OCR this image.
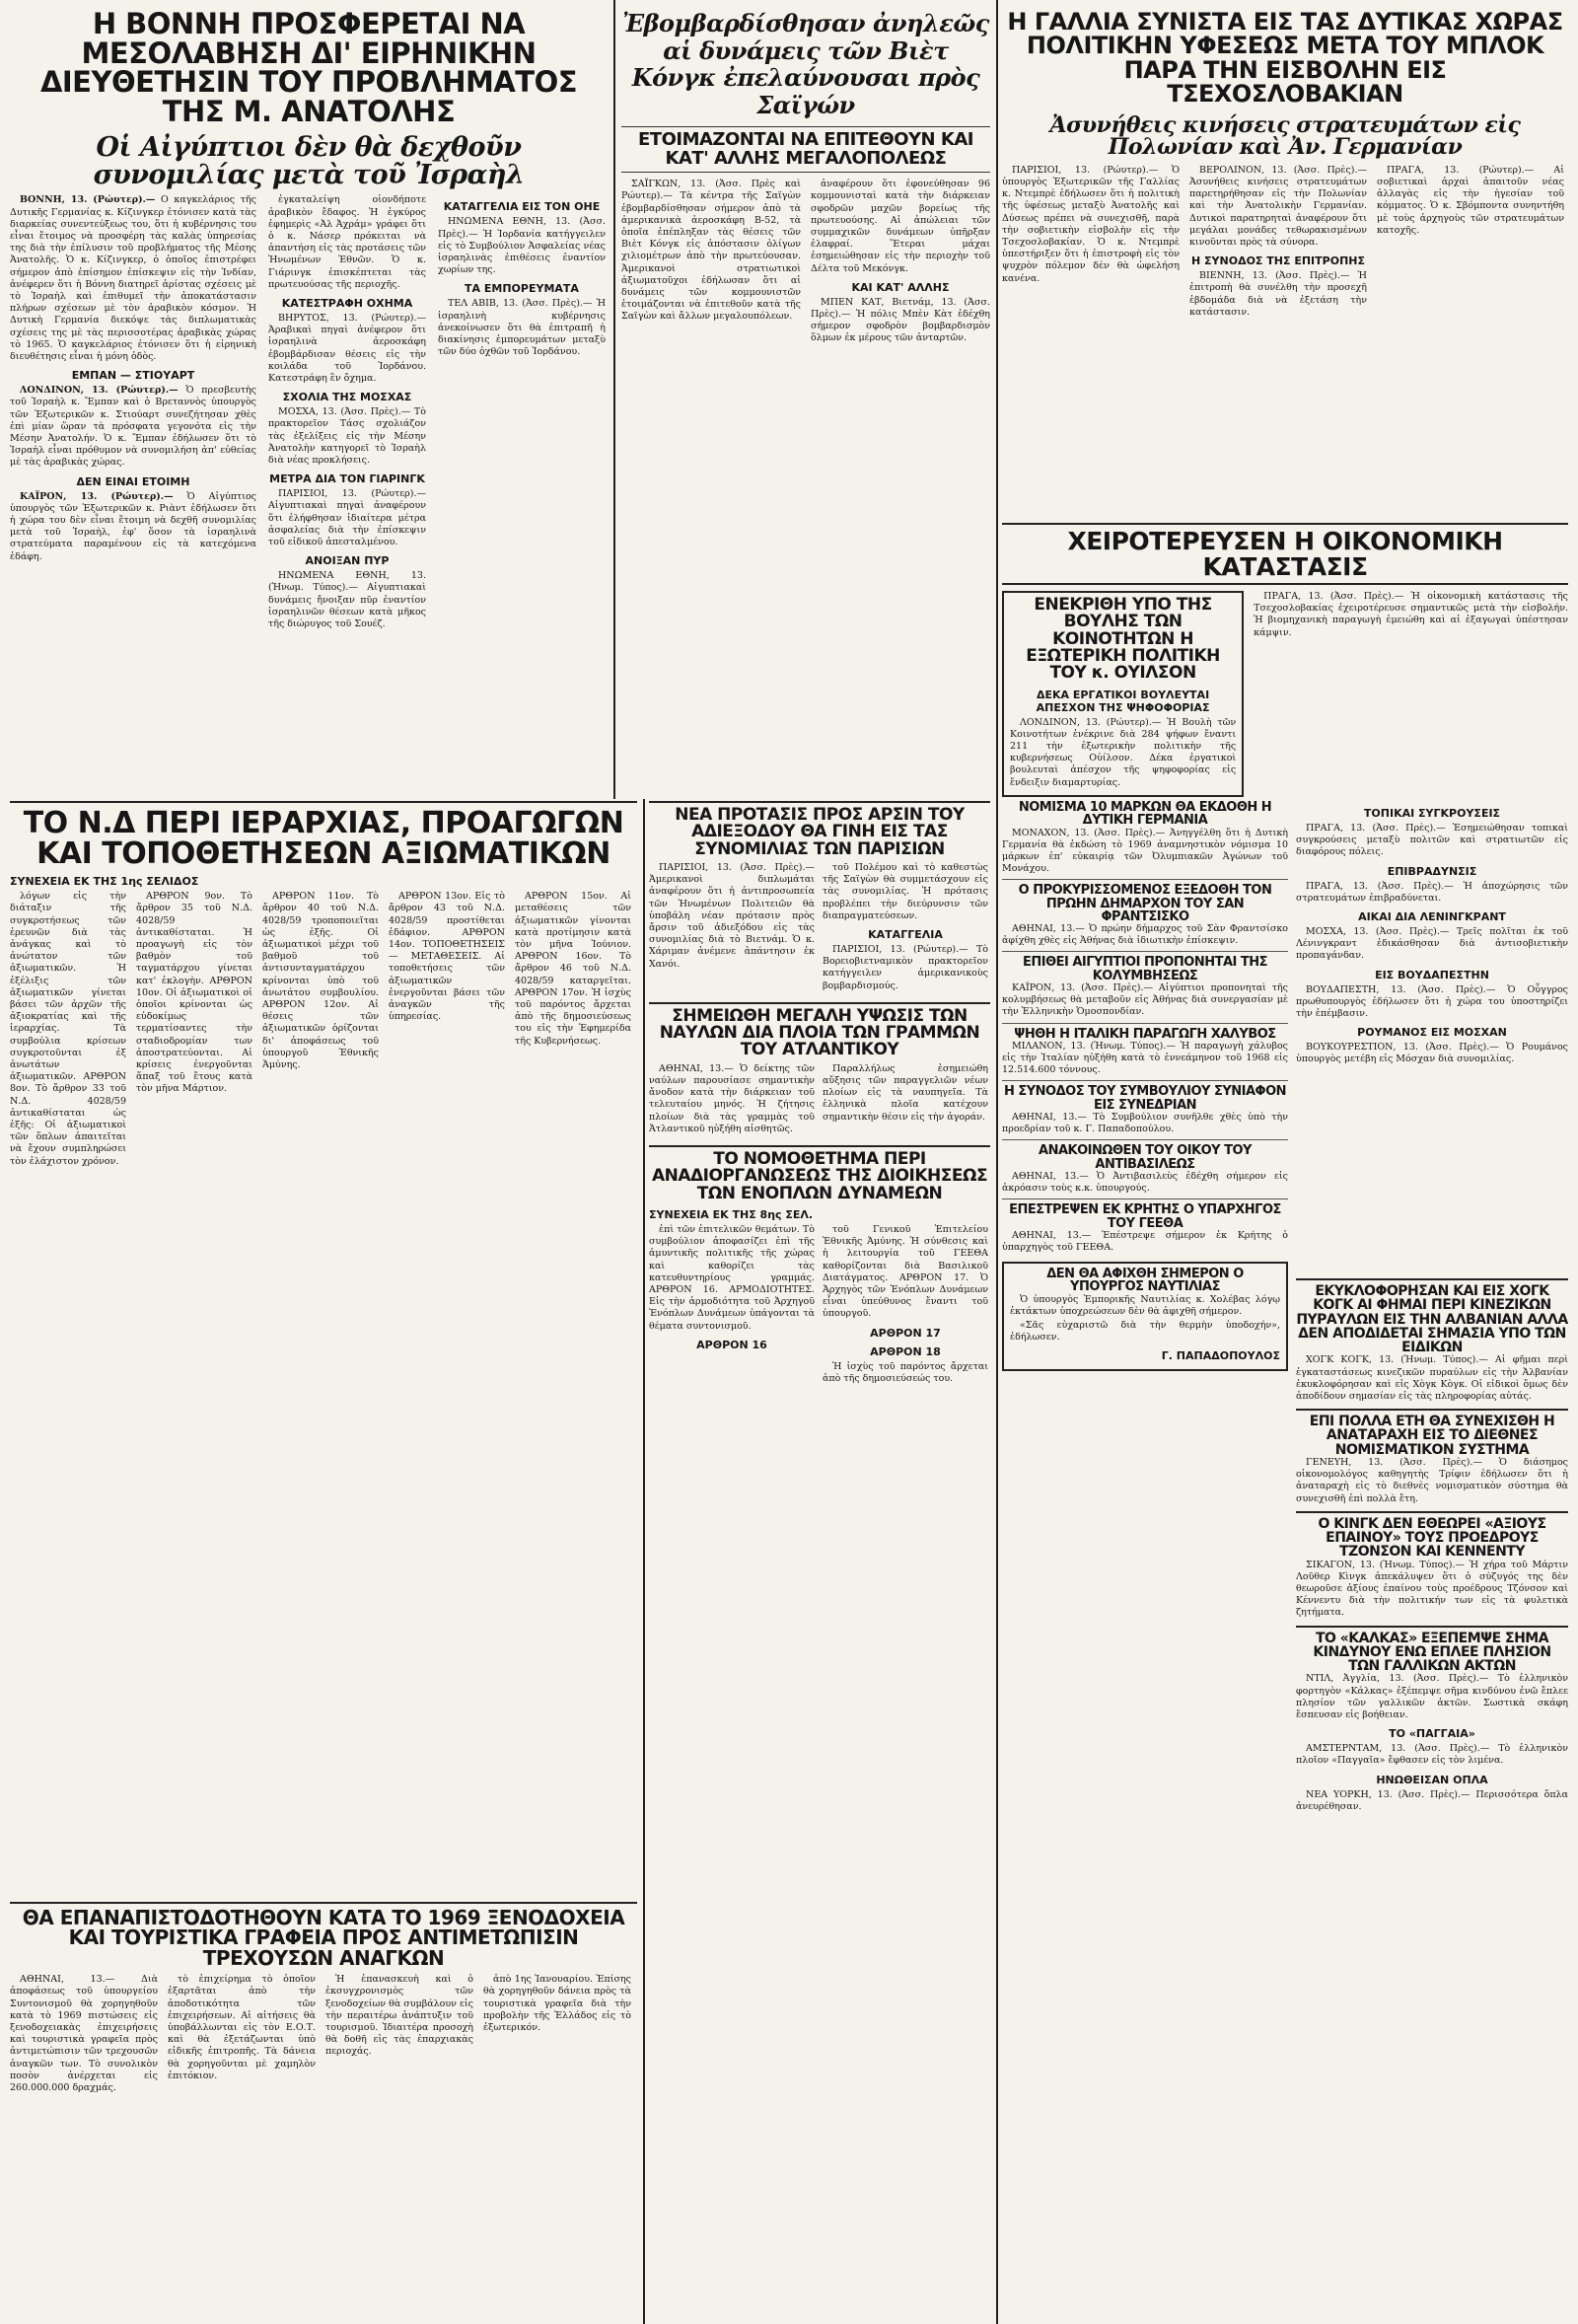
Η ΒΟΝΝΗ ΠΡΟΣΦΕΡΕΤΑΙ ΝΑ ΜΕΣΟΛΑΒΗΣΗ ΔΙ' ΕΙΡΗΝΙΚΗΝ ΔΙΕΥΘΕΤΗΣΙΝ ΤΟΥ ΠΡΟΒΛΗΜΑΤΟΣ ΤΗΣ Μ. ΑΝΑΤΟΛΗΣ
Οἱ Αἰγύπτιοι δὲν θὰ δεχθοῦν συνομιλίας μετὰ τοῦ Ἰσραὴλ

ΒΟΝΝΗ, 13. (Ρώυτερ).— Ο καγκελάριος τῆς Δυτικῆς Γερμανίας κ. Κίζινγκερ ἐτόνισεν κατὰ τὰς διαρκείας συνεντεύξεως του, ὅτι ἡ κυβέρνησις του εἶναι ἕτοιμος νὰ προσφέρη τὰς καλὰς ὑπηρεσίας της διὰ τὴν ἐπίλυσιν τοῦ προβλήματος τῆς Μέσης Ἀνατολῆς. Ὁ κ. Κίζινγκερ, ὁ ὁποῖος ἐπιστρέφει σήμερον ἀπὸ ἐπίσημον ἐπίσκεψιν εἰς τὴν Ἰνδίαν, ἀνέφερεν ὅτι ἡ Βόννη διατηρεῖ ἀρίστας σχέσεις μὲ τὸ Ἰσραὴλ καὶ ἐπιθυμεῖ τὴν ἀποκατάστασιν πλήρων σχέσεων μὲ τὸν ἀραβικὸν κόσμον. Ἡ Δυτικὴ Γερμανία διεκόψε τὰς διπλωματικὰς σχέσεις της μὲ τὰς περισσοτέρας ἀραβικὰς χώρας τὸ 1965. Ὁ καγκελάριος ἐτόνισεν ὅτι ἡ εἰρηνικὴ διευθέτησις εἶναι ἡ μόνη ὁδὸς.

ΕΜΠΑΝ — ΣΤΙΟΥΑΡΤ

ΛΟΝΔΙΝΟΝ, 13. (Ρώυτερ).— Ὁ πρεσβευτὴς τοῦ Ἰσραὴλ κ. Ἔμπαν καὶ ὁ Βρεταννὸς ὑπουργὸς τῶν Ἐξωτερικῶν κ. Στιούαρτ συνεζήτησαν χθὲς ἐπὶ μίαν ὥραν τὰ πρόσφατα γεγονότα εἰς τὴν Μέσην Ἀνατολήν. Ὁ κ. Ἔμπαν ἐδήλωσεν ὅτι τὸ Ἰσραὴλ εἶναι πρόθυμον νὰ συνομιλήση ἀπ' εὐθείας μὲ τὰς ἀραβικὰς χώρας.

ΔΕΝ ΕΙΝΑΙ ΕΤΟΙΜΗ

ΚΑΪΡΟΝ, 13. (Ρώυτερ).— Ὁ Αἰγύπτιος ὑπουργὸς τῶν Ἐξωτερικῶν κ. Ριὰντ ἐδήλωσεν ὅτι ἡ χώρα του δὲν εἶναι ἕτοιμη νὰ δεχθῆ συνομιλίας μετὰ τοῦ Ἰσραὴλ, ἐφ' ὅσον τὰ ἰσραηλινὰ στρατεύματα παραμένουν εἰς τὰ κατεχόμενα ἐδάφη.

ἐγκαταλείψη οἰονδήποτε ἀραβικὸν ἔδαφος. Ἡ ἐγκύρος ἐφημερὶς «Ἀλ Ἀχράμ» γράφει ὅτι ὁ κ. Νάσερ πρόκειται νὰ ἀπαντήση εἰς τὰς προτάσεις τῶν Ἡνωμένων Ἐθνῶν. Ὁ κ. Γιάρινγκ ἐπισκέπτεται τὰς πρωτευούσας τῆς περιοχῆς.

ΚΑΤΕΣΤΡΑΦΗ ΟΧΗΜΑ

ΒΗΡΥΤΟΣ, 13. (Ρώυτερ).— Ἀραβικαὶ πηγαὶ ἀνέφερον ὅτι ἰσραηλινὰ ἀεροσκάφη ἐβομβάρδισαν θέσεις εἰς τὴν κοιλάδα τοῦ Ἰορδάνου. Κατεστράφη ἓν ὄχημα.

ΣΧΟΛΙΑ ΤΗΣ ΜΟΣΧΑΣ

ΜΟΣΧΑ, 13. (Ἀσσ. Πρὲς).— Τὸ πρακτορεῖον Τάσς σχολιάζον τὰς ἐξελίξεις εἰς τὴν Μέσην Ἀνατολὴν κατηγορεῖ τὸ Ἰσραὴλ διὰ νέας προκλήσεις.

ΜΕΤΡΑ ΔΙΑ ΤΟΝ ΓΙΑΡΙΝΓΚ

ΠΑΡΙΣΙΟΙ, 13. (Ρώυτερ).— Αἰγυπτιακαὶ πηγαὶ ἀναφέρουν ὅτι ἐλήφθησαν ἰδιαίτερα μέτρα ἀσφαλείας διὰ τὴν ἐπίσκεψιν τοῦ εἰδικοῦ ἀπεσταλμένου.

ΑΝΟΙΞΑΝ ΠΥΡ

ΗΝΩΜΕΝΑ ΕΘΝΗ, 13. (Ἡνωμ. Τύπος).— Αἰγυπτιακαὶ δυνάμεις ἤνοιξαν πῦρ ἐναντίον ἰσραηλινῶν θέσεων κατὰ μῆκος τῆς διώρυγος τοῦ Σουέζ.

ΚΑΤΑΓΓΕΛΙΑ ΕΙΣ ΤΟΝ ΟΗΕ

ΗΝΩΜΕΝΑ ΕΘΝΗ, 13. (Ἀσσ. Πρὲς).— Ἡ Ἰορδανία κατήγγειλεν εἰς τὸ Συμβούλιον Ἀσφαλείας νέας ἰσραηλινὰς ἐπιθέσεις ἐναντίον χωρίων της.

ΤΑ ΕΜΠΟΡΕΥΜΑΤΑ

ΤΕΛ ΑΒΙΒ, 13. (Ἀσσ. Πρὲς).— Ἡ ἰσραηλινὴ κυβέρνησις ἀνεκοίνωσεν ὅτι θὰ ἐπιτραπῆ ἡ διακίνησις ἐμπορευμάτων μεταξὺ τῶν δύο ὀχθῶν τοῦ Ἰορδάνου.

Ἐβομβαρδίσθησαν ἀνηλεῶς αἱ δυνάμεις τῶν Βιὲτ Κόνγκ ἐπελαύνουσαι πρὸς Σαϊγών
ΕΤΟΙΜΑΖΟΝΤΑΙ ΝΑ ΕΠΙΤΕΘΟΥΝ ΚΑΙ ΚΑΤ' ΑΛΛΗΣ ΜΕΓΑΛΟΠΟΛΕΩΣ

ΣΑΪΓΚΩΝ, 13. (Ἀσσ. Πρὲς καὶ Ρώυτερ).— Τὰ κέντρα τῆς Σαϊγὼν ἐβομβαρδίσθησαν σήμερον ἀπὸ τὰ ἀμερικανικὰ ἀεροσκάφη Β-52, τὰ ὁποῖα ἐπέπληξαν τὰς θέσεις τῶν Βιὲτ Κόνγκ εἰς ἀπόστασιν ὀλίγων χιλιομέτρων ἀπὸ τὴν πρωτεύουσαν. Ἀμερικανοὶ στρατιωτικοὶ ἀξιωματοῦχοι ἐδήλωσαν ὅτι αἱ δυνάμεις τῶν κομμουνιστῶν ἑτοιμάζονται νὰ ἐπιτεθοῦν κατὰ τῆς Σαϊγὼν καὶ ἄλλων μεγαλουπόλεων.

ἀναφέρουν ὅτι ἐφονεύθησαν 96 κομμουνισταὶ κατὰ τὴν διάρκειαν σφοδρῶν μαχῶν βορείως τῆς πρωτευούσης. Αἱ ἀπώλειαι τῶν συμμαχικῶν δυνάμεων ὑπῆρξαν ἐλαφραί. Ἕτεραι μάχαι ἐσημειώθησαν εἰς τὴν περιοχὴν τοῦ Δέλτα τοῦ Μεκόνγκ.

ΚΑΙ ΚΑΤ' ΑΛΛΗΣ

ΜΠΕΝ ΚΑΤ, Βιετνάμ, 13. (Ἀσσ. Πρὲς).— Ἡ πόλις Μπὲν Κὰτ ἐδέχθη σήμερον σφοδρὸν βομβαρδισμὸν ὅλμων ἐκ μέρους τῶν ἀνταρτῶν.

Η ΓΑΛΛΙΑ ΣΥΝΙΣΤΑ ΕΙΣ ΤΑΣ ΔΥΤΙΚΑΣ ΧΩΡΑΣ ΠΟΛΙΤΙΚΗΝ ΥΦΕΣΕΩΣ ΜΕΤΑ ΤΟΥ ΜΠΛΟΚ ΠΑΡΑ ΤΗΝ ΕΙΣΒΟΛΗΝ ΕΙΣ ΤΣΕΧΟΣΛΟΒΑΚΙΑΝ
Ἀσυνήθεις κινήσεις στρατευμάτων εἰς Πολωνίαν καὶ Ἀν. Γερμανίαν

ΠΑΡΙΣΙΟΙ, 13. (Ρώυτερ).— Ὁ ὑπουργὸς Ἐξωτερικῶν τῆς Γαλλίας κ. Ντεμπρὲ ἐδήλωσεν ὅτι ἡ πολιτικὴ τῆς ὑφέσεως μεταξὺ Ἀνατολῆς καὶ Δύσεως πρέπει νὰ συνεχισθῆ, παρὰ τὴν σοβιετικὴν εἰσβολὴν εἰς τὴν Τσεχοσλοβακίαν. Ὁ κ. Ντεμπρὲ ὑπεστήριξεν ὅτι ἡ ἐπιστροφὴ εἰς τὸν ψυχρὸν πόλεμον δὲν θὰ ὠφελήση κανένα.

ΒΕΡΟΛΙΝΟΝ, 13. (Ἀσσ. Πρὲς).— Ἀσυνήθεις κινήσεις στρατευμάτων παρετηρήθησαν εἰς τὴν Πολωνίαν καὶ τὴν Ἀνατολικὴν Γερμανίαν. Δυτικοὶ παρατηρηταὶ ἀναφέρουν ὅτι μεγάλαι μονάδες τεθωρακισμένων κινοῦνται πρὸς τὰ σύνορα.

Η ΣΥΝΟΔΟΣ ΤΗΣ ΕΠΙΤΡΟΠΗΣ

ΒΙΕΝΝΗ, 13. (Ἀσσ. Πρὲς).— Ἡ ἐπιτροπὴ θὰ συνέλθη τὴν προσεχῆ ἑβδομάδα διὰ νὰ ἐξετάση τὴν κατάστασιν.

ΠΡΑΓΑ, 13. (Ρώυτερ).— Αἱ σοβιετικαὶ ἀρχαὶ ἀπαιτοῦν νέας ἀλλαγὰς εἰς τὴν ἡγεσίαν τοῦ κόμματος. Ὁ κ. Σβόμποντα συνηντήθη μὲ τοὺς ἀρχηγοὺς τῶν στρατευμάτων κατοχῆς.

ΧΕΙΡΟΤΕΡΕΥΣΕΝ Η ΟΙΚΟΝΟΜΙΚΗ ΚΑΤΑΣΤΑΣΙΣ
ΕΝΕΚΡΙΘΗ ΥΠΟ ΤΗΣ ΒΟΥΛΗΣ ΤΩΝ ΚΟΙΝΟΤΗΤΩΝ Η ΕΞΩΤΕΡΙΚΗ ΠΟΛΙΤΙΚΗ ΤΟΥ κ. ΟΥΙΛΣΟΝ
ΔΕΚΑ ΕΡΓΑΤΙΚΟΙ ΒΟΥΛΕΥΤΑΙ ΑΠΕΣΧΟΝ ΤΗΣ ΨΗΦΟΦΟΡΙΑΣ

ΛΟΝΔΙΝΟΝ, 13. (Ρώυτερ).— Ἡ Βουλὴ τῶν Κοινοτήτων ἐνέκρινε διὰ 284 ψήφων ἔναντι 211 τὴν ἐξωτερικὴν πολιτικὴν τῆς κυβερνήσεως Οὐίλσον. Δέκα ἐργατικοὶ βουλευταὶ ἀπέσχον τῆς ψηφοφορίας εἰς ἔνδειξιν διαμαρτυρίας.

ΠΡΑΓΑ, 13. (Ἀσσ. Πρὲς).— Ἡ οἰκονομικὴ κατάστασις τῆς Τσεχοσλοβακίας ἐχειροτέρευσε σημαντικῶς μετὰ τὴν εἰσβολήν. Ἡ βιομηχανικὴ παραγωγὴ ἐμειώθη καὶ αἱ ἐξαγωγαὶ ὑπέστησαν κάμψιν.

ΝΟΜΙΣΜΑ 10 ΜΑΡΚΩΝ ΘΑ ΕΚΔΟΘΗ Η ΔΥΤΙΚΗ ΓΕΡΜΑΝΙΑ

ΜΟΝΑΧΟΝ, 13. (Ἀσσ. Πρὲς).— Ἀνηγγέλθη ὅτι ἡ Δυτικὴ Γερμανία θὰ ἐκδώση τὸ 1969 ἀναμνηστικὸν νόμισμα 10 μάρκων ἐπ' εὐκαιρίᾳ τῶν Ὀλυμπιακῶν Ἀγώνων τοῦ Μονάχου.

Ο ΠΡΟΚΥΡΙΣΣΟΜΕΝΟΣ ΕΞΕΔΟΘΗ ΤΟΝ ΠΡΩΗΝ ΔΗΜΑΡΧΟΝ ΤΟΥ ΣΑΝ ΦΡΑΝΤΣΙΣΚΟ

ΑΘΗΝΑΙ, 13.— Ὁ πρώην δήμαρχος τοῦ Σὰν Φραντσίσκο ἀφίχθη χθὲς εἰς Ἀθήνας διὰ ἰδιωτικὴν ἐπίσκεψιν.

ΕΠΙΘΕΙ ΑΙΓΥΠΤΙΟΙ ΠΡΟΠΟΝΗΤΑΙ ΤΗΣ ΚΟΛΥΜΒΗΣΕΩΣ

ΚΑΪΡΟΝ, 13. (Ἀσσ. Πρὲς).— Αἰγύπτιοι προπονηταὶ τῆς κολυμβήσεως θὰ μεταβοῦν εἰς Ἀθήνας διὰ συνεργασίαν μὲ τὴν Ἑλληνικὴν Ὁμοσπονδίαν.

ΨΗΘΗ Η ΙΤΑΛΙΚΗ ΠΑΡΑΓΩΓΗ ΧΑΛΥΒΟΣ

ΜΙΛΑΝΟΝ, 13. (Ἡνωμ. Τύπος).— Ἡ παραγωγὴ χάλυβος εἰς τὴν Ἰταλίαν ηὐξήθη κατὰ τὸ ἑννεάμηνον τοῦ 1968 εἰς 12.514.600 τόννους.

Η ΣΥΝΟΔΟΣ ΤΟΥ ΣΥΜΒΟΥΛΙΟΥ ΣΥΝΙΑΦΟΝ ΕΙΣ ΣΥΝΕΔΡΙΑΝ

ΑΘΗΝΑΙ, 13.— Τὸ Συμβούλιον συνῆλθε χθὲς ὑπὸ τὴν προεδρίαν τοῦ κ. Γ. Παπαδοπούλου.

ΑΝΑΚΟΙΝΩΘΕΝ ΤΟΥ ΟΙΚΟΥ ΤΟΥ ΑΝΤΙΒΑΣΙΛΕΩΣ

ΑΘΗΝΑΙ, 13.— Ὁ Ἀντιβασιλεὺς ἐδέχθη σήμερον εἰς ἀκρόασιν τοὺς κ.κ. ὑπουργούς.

ΕΠΕΣΤΡΕΨΕΝ ΕΚ ΚΡΗΤΗΣ Ο ΥΠΑΡΧΗΓΟΣ ΤΟΥ ΓΕΕΘΑ

ΑΘΗΝΑΙ, 13.— Ἐπέστρεψε σήμερον ἐκ Κρήτης ὁ ὑπαρχηγὸς τοῦ ΓΕΕΘΑ.

ΔΕΝ ΘΑ ΑΦΙΧΘΗ ΣΗΜΕΡΟΝ Ο ΥΠΟΥΡΓΟΣ ΝΑΥΤΙΛΙΑΣ

Ὁ ὑπουργὸς Ἐμπορικῆς Ναυτιλίας κ. Χολέβας λόγῳ ἐκτάκτων ὑποχρεώσεων δὲν θὰ ἀφιχθῆ σήμερον.

«Σᾶς εὐχαριστῶ διὰ τὴν θερμὴν ὑποδοχήν», ἐδήλωσεν.

Γ. ΠΑΠΑΔΟΠΟΥΛΟΣ
ΤΟΠΙΚΑΙ ΣΥΓΚΡΟΥΣΕΙΣ

ΠΡΑΓΑ, 13. (Ἀσσ. Πρὲς).— Ἐσημειώθησαν τοπικαὶ συγκρούσεις μεταξὺ πολιτῶν καὶ στρατιωτῶν εἰς διαφόρους πόλεις.

ΕΠΙΒΡΑΔΥΝΣΙΣ

ΠΡΑΓΑ, 13. (Ἀσσ. Πρὲς).— Ἡ ἀποχώρησις τῶν στρατευμάτων ἐπιβραδύνεται.

ΑΙΚΑΙ ΔΙΑ ΛΕΝΙΝΓΚΡΑΝΤ

ΜΟΣΧΑ, 13. (Ἀσσ. Πρὲς).— Τρεῖς πολῖται ἐκ τοῦ Λένινγκραντ ἐδικάσθησαν διὰ ἀντισοβιετικὴν προπαγάνδαν.

ΕΙΣ ΒΟΥΔΑΠΕΣΤΗΝ

ΒΟΥΔΑΠΕΣΤΗ, 13. (Ἀσσ. Πρὲς).— Ὁ Οὖγγρος πρωθυπουργὸς ἐδήλωσεν ὅτι ἡ χώρα του ὑποστηρίζει τὴν ἐπέμβασιν.

ΡΟΥΜΑΝΟΣ ΕΙΣ ΜΟΣΧΑΝ

ΒΟΥΚΟΥΡΕΣΤΙΟΝ, 13. (Ἀσσ. Πρὲς).— Ὁ Ρουμάνος ὑπουργὸς μετέβη εἰς Μόσχαν διὰ συνομιλίας.

ΕΚΥΚΛΟΦΟΡΗΣΑΝ ΚΑΙ ΕΙΣ ΧΟΓΚ ΚΟΓΚ ΑΙ ΦΗΜΑΙ ΠΕΡΙ ΚΙΝΕΖΙΚΩΝ ΠΥΡΑΥΛΩΝ ΕΙΣ ΤΗΝ ΑΛΒΑΝΙΑΝ ΑΛΛΑ ΔΕΝ ΑΠΟΔΙΔΕΤΑΙ ΣΗΜΑΣΙΑ ΥΠΟ ΤΩΝ ΕΙΔΙΚΩΝ

ΧΟΓΚ ΚΟΓΚ, 13. (Ἡνωμ. Τύπος).— Αἱ φῆμαι περὶ ἐγκαταστάσεως κινεζικῶν πυραύλων εἰς τὴν Ἀλβανίαν ἐκυκλοφόρησαν καὶ εἰς Χὸγκ Κὸγκ. Οἱ εἰδικοὶ ὅμως δὲν ἀποδίδουν σημασίαν εἰς τὰς πληροφορίας αὐτάς.

ΕΠΙ ΠΟΛΛΑ ΕΤΗ ΘΑ ΣΥΝΕΧΙΣΘΗ Η ΑΝΑΤΑΡΑΧΗ ΕΙΣ ΤΟ ΔΙΕΘΝΕΣ ΝΟΜΙΣΜΑΤΙΚΟΝ ΣΥΣΤΗΜΑ

ΓΕΝΕΥΗ, 13. (Ἀσσ. Πρὲς).— Ὁ διάσημος οἰκονομολόγος καθηγητὴς Τρίφιν ἐδήλωσεν ὅτι ἡ ἀναταραχὴ εἰς τὸ διεθνὲς νομισματικὸν σύστημα θὰ συνεχισθῆ ἐπὶ πολλὰ ἔτη.

Ο ΚΙΝΓΚ ΔΕΝ ΕΘΕΩΡΕΙ «ΑΞΙΟΥΣ ΕΠΑΙΝΟΥ» ΤΟΥΣ ΠΡΟΕΔΡΟΥΣ ΤΖΟΝΣΟΝ ΚΑΙ ΚΕΝΝΕΝΤΥ

ΣΙΚΑΓΟΝ, 13. (Ἡνωμ. Τύπος).— Ἡ χήρα τοῦ Μάρτιν Λοῦθερ Κὶνγκ ἀπεκάλυψεν ὅτι ὁ σύζυγός της δὲν θεωροῦσε ἀξίους ἐπαίνου τοὺς προέδρους Τζόνσον καὶ Κέννεντυ διὰ τὴν πολιτικήν των εἰς τὰ φυλετικὰ ζητήματα.

ΤΟ «ΚΑΛΚΑΣ» ΕΞΕΠΕΜΨΕ ΣΗΜΑ ΚΙΝΔΥΝΟΥ ΕΝΩ ΕΠΛΕΕ ΠΛΗΣΙΟΝ ΤΩΝ ΓΑΛΛΙΚΩΝ ΑΚΤΩΝ

ΝΤΙΛ, Ἀγγλία, 13. (Ἀσσ. Πρὲς).— Τὸ ἑλληνικὸν φορτηγὸν «Κάλκας» ἐξέπεμψε σῆμα κινδύνου ἐνῶ ἔπλεε πλησίον τῶν γαλλικῶν ἀκτῶν. Σωστικὰ σκάφη ἔσπευσαν εἰς βοήθειαν.

ΤΟ «ΠΑΓΓΑΙΑ»

ΑΜΣΤΕΡΝΤΑΜ, 13. (Ἀσσ. Πρὲς).— Τὸ ἑλληνικὸν πλοῖον «Παγγαῖα» ἔφθασεν εἰς τὸν λιμένα.

ΗΝΩΘΕΙΣΑΝ ΟΠΛΑ

ΝΕΑ ΥΟΡΚΗ, 13. (Ἀσσ. Πρὲς).— Περισσότερα ὅπλα ἀνευρέθησαν.

ΤΟ Ν.Δ ΠΕΡΙ ΙΕΡΑΡΧΙΑΣ, ΠΡΟΑΓΩΓΩΝ ΚΑΙ ΤΟΠΟΘΕΤΗΣΕΩΝ ΑΞΙΩΜΑΤΙΚΩΝ
ΣΥΝΕΧΕΙΑ ΕΚ ΤΗΣ 1ης ΣΕΛΙΔΟΣ

λόγων εἰς τὴν διάταξιν τῆς συγκροτήσεως τῶν ἐρευνῶν διὰ τὰς ἀνάγκας καὶ τὸ ἀνώτατον τῶν ἀξιωματικῶν. Ἡ ἐξέλιξις τῶν ἀξιωματικῶν γίνεται βάσει τῶν ἀρχῶν τῆς ἀξιοκρατίας καὶ τῆς ἱεραρχίας. Τὰ συμβούλια κρίσεων συγκροτοῦνται ἐξ ἀνωτάτων ἀξιωματικῶν. ΑΡΘΡΟΝ 8ον. Τὸ ἄρθρον 33 τοῦ Ν.Δ. 4028/59 ἀντικαθίσταται ὡς ἑξῆς: Οἱ ἀξιωματικοὶ τῶν ὅπλων ἀπαιτεῖται νὰ ἔχουν συμπληρώσει τὸν ἐλάχιστον χρόνον.

ΑΡΘΡΟΝ 9ον. Τὸ ἄρθρον 35 τοῦ Ν.Δ. 4028/59 ἀντικαθίσταται. Ἡ προαγωγὴ εἰς τὸν βαθμὸν τοῦ ταγματάρχου γίνεται κατ' ἐκλογὴν. ΑΡΘΡΟΝ 10ον. Οἱ ἀξιωματικοὶ οἱ ὁποῖοι κρίνονται ὡς εὐδοκίμως τερματίσαντες τὴν σταδιοδρομίαν των ἀποστρατεύονται. Αἱ κρίσεις ἐνεργοῦνται ἅπαξ τοῦ ἔτους κατὰ τὸν μῆνα Μάρτιον.

ΑΡΘΡΟΝ 11ον. Τὸ ἄρθρον 40 τοῦ Ν.Δ. 4028/59 τροποποιεῖται ὡς ἑξῆς. Οἱ ἀξιωματικοὶ μέχρι τοῦ βαθμοῦ τοῦ ἀντισυνταγματάρχου κρίνονται ὑπὸ τοῦ ἀνωτάτου συμβουλίου. ΑΡΘΡΟΝ 12ον. Αἱ θέσεις τῶν ἀξιωματικῶν ὁρίζονται δι' ἀποφάσεως τοῦ ὑπουργοῦ Ἐθνικῆς Ἀμύνης.

ΑΡΘΡΟΝ 13ον. Εἰς τὸ ἄρθρον 43 τοῦ Ν.Δ. 4028/59 προστίθεται ἑδάφιον. ΑΡΘΡΟΝ 14ον. ΤΟΠΟΘΕΤΗΣΕΙΣ — ΜΕΤΑΘΕΣΕΙΣ. Αἱ τοποθετήσεις τῶν ἀξιωματικῶν ἐνεργοῦνται βάσει τῶν ἀναγκῶν τῆς ὑπηρεσίας.

ΑΡΘΡΟΝ 15ον. Αἱ μεταθέσεις τῶν ἀξιωματικῶν γίνονται κατὰ προτίμησιν κατὰ τὸν μῆνα Ἰούνιον. ΑΡΘΡΟΝ 16ον. Τὸ ἄρθρον 46 τοῦ Ν.Δ. 4028/59 καταργεῖται. ΑΡΘΡΟΝ 17ον. Ἡ ἰσχὺς τοῦ παρόντος ἄρχεται ἀπὸ τῆς δημοσιεύσεως του εἰς τὴν Ἐφημερίδα τῆς Κυβερνήσεως.

ΘΑ ΕΠΑΝΑΠΙΣΤΟΔΟΤΗΘΟΥΝ ΚΑΤΑ ΤΟ 1969 ΞΕΝΟΔΟΧΕΙΑ ΚΑΙ ΤΟΥΡΙΣΤΙΚΑ ΓΡΑΦΕΙΑ ΠΡΟΣ ΑΝΤΙΜΕΤΩΠΙΣΙΝ ΤΡΕΧΟΥΣΩΝ ΑΝΑΓΚΩΝ

ΑΘΗΝΑΙ, 13.— Διὰ ἀποφάσεως τοῦ ὑπουργείου Συντονισμοῦ θὰ χορηγηθοῦν κατὰ τὸ 1969 πιστώσεις εἰς ξενοδοχειακὰς ἐπιχειρήσεις καὶ τουριστικὰ γραφεῖα πρὸς ἀντιμετώπισιν τῶν τρεχουσῶν ἀναγκῶν των. Τὸ συνολικὸν ποσὸν ἀνέρχεται εἰς 260.000.000 δραχμάς.

τὸ ἐπιχείρημα τὸ ὁποῖον ἐξαρτᾶται ἀπὸ τὴν ἀποδοτικότητα τῶν ἐπιχειρήσεων. Αἱ αἰτήσεις θὰ ὑποβάλλωνται εἰς τὸν Ε.Ο.Τ. καὶ θὰ ἐξετάζωνται ὑπὸ εἰδικῆς ἐπιτροπῆς. Τὰ δάνεια θὰ χορηγοῦνται μὲ χαμηλὸν ἐπιτόκιον.

Ἡ ἐπανασκευὴ καὶ ὁ ἐκσυγχρονισμὸς τῶν ξενοδοχείων θὰ συμβάλουν εἰς τὴν περαιτέρω ἀνάπτυξιν τοῦ τουρισμοῦ. Ἰδιαιτέρα προσοχὴ θὰ δοθῆ εἰς τὰς ἐπαρχιακὰς περιοχάς.

ἀπὸ 1ης Ἰανουαρίου. Ἐπίσης θὰ χορηγηθοῦν δάνεια πρὸς τὰ τουριστικὰ γραφεῖα διὰ τὴν προβολὴν τῆς Ἑλλάδος εἰς τὸ ἐξωτερικόν.

ΝΕΑ ΠΡΟΤΑΣΙΣ ΠΡΟΣ ΑΡΣΙΝ ΤΟΥ ΑΔΙΕΞΟΔΟΥ ΘΑ ΓΙΝΗ ΕΙΣ ΤΑΣ ΣΥΝΟΜΙΛΙΑΣ ΤΩΝ ΠΑΡΙΣΙΩΝ

ΠΑΡΙΣΙΟΙ, 13. (Ἀσσ. Πρὲς).— Ἀμερικανοὶ διπλωμάται ἀναφέρουν ὅτι ἡ ἀντιπροσωπεία τῶν Ἡνωμένων Πολιτειῶν θὰ ὑποβάλη νέαν πρότασιν πρὸς ἄρσιν τοῦ ἀδιεξόδου εἰς τὰς συνομιλίας διὰ τὸ Βιετνάμ. Ὁ κ. Χάριμαν ἀνέμενε ἀπάντησιν ἐκ Χανόι.

τοῦ Πολέμου καὶ τὸ καθεστὼς τῆς Σαϊγὼν θὰ συμμετάσχουν εἰς τὰς συνομιλίας. Ἡ πρότασις προβλέπει τὴν διεύρυνσιν τῶν διαπραγματεύσεων.

ΚΑΤΑΓΓΕΛΙΑ

ΠΑΡΙΣΙΟΙ, 13. (Ρώυτερ).— Τὸ Βορειοβιετναμικὸν πρακτορεῖον κατήγγειλεν ἀμερικανικοὺς βομβαρδισμούς.

ΣΗΜΕΙΩΘΗ ΜΕΓΑΛΗ ΥΨΩΣΙΣ ΤΩΝ ΝΑΥΛΩΝ ΔΙΑ ΠΛΟΙΑ ΤΩΝ ΓΡΑΜΜΩΝ ΤΟΥ ΑΤΛΑΝΤΙΚΟΥ

ΑΘΗΝΑΙ, 13.— Ὁ δείκτης τῶν ναύλων παρουσίασε σημαντικὴν ἄνοδον κατὰ τὴν διάρκειαν τοῦ τελευταίου μηνός. Ἡ ζήτησις πλοίων διὰ τὰς γραμμὰς τοῦ Ἀτλαντικοῦ ηὐξήθη αἰσθητῶς.

Παραλλήλως ἐσημειώθη αὔξησις τῶν παραγγελιῶν νέων πλοίων εἰς τὰ ναυπηγεῖα. Τὰ ἑλληνικὰ πλοῖα κατέχουν σημαντικὴν θέσιν εἰς τὴν ἀγοράν.

ΤΟ ΝΟΜΟΘΕΤΗΜΑ ΠΕΡΙ ΑΝΑΔΙΟΡΓΑΝΩΣΕΩΣ ΤΗΣ ΔΙΟΙΚΗΣΕΩΣ ΤΩΝ ΕΝΟΠΛΩΝ ΔΥΝΑΜΕΩΝ
ΣΥΝΕΧΕΙΑ ΕΚ ΤΗΣ 8ης ΣΕΛ.

ἐπὶ τῶν ἐπιτελικῶν θεμάτων. Τὸ συμβούλιον ἀποφασίζει ἐπὶ τῆς ἀμυντικῆς πολιτικῆς τῆς χώρας καὶ καθορίζει τὰς κατευθυντηρίους γραμμάς. ΑΡΘΡΟΝ 16. ΑΡΜΟΔΙΟΤΗΤΕΣ. Εἰς τὴν ἁρμοδιότητα τοῦ Ἀρχηγοῦ Ἐνόπλων Δυνάμεων ὑπάγονται τὰ θέματα συντονισμοῦ.

ΑΡΘΡΟΝ 16

τοῦ Γενικοῦ Ἐπιτελείου Ἐθνικῆς Ἀμύνης. Ἡ σύνθεσις καὶ ἡ λειτουργία τοῦ ΓΕΕΘΑ καθορίζονται διὰ Βασιλικοῦ Διατάγματος. ΑΡΘΡΟΝ 17. Ὁ Ἀρχηγὸς τῶν Ἐνόπλων Δυνάμεων εἶναι ὑπεύθυνος ἔναντι τοῦ ὑπουργοῦ.

ΑΡΘΡΟΝ 17
ΑΡΘΡΟΝ 18

Ἡ ἰσχὺς τοῦ παρόντος ἄρχεται ἀπὸ τῆς δημοσιεύσεώς του.
